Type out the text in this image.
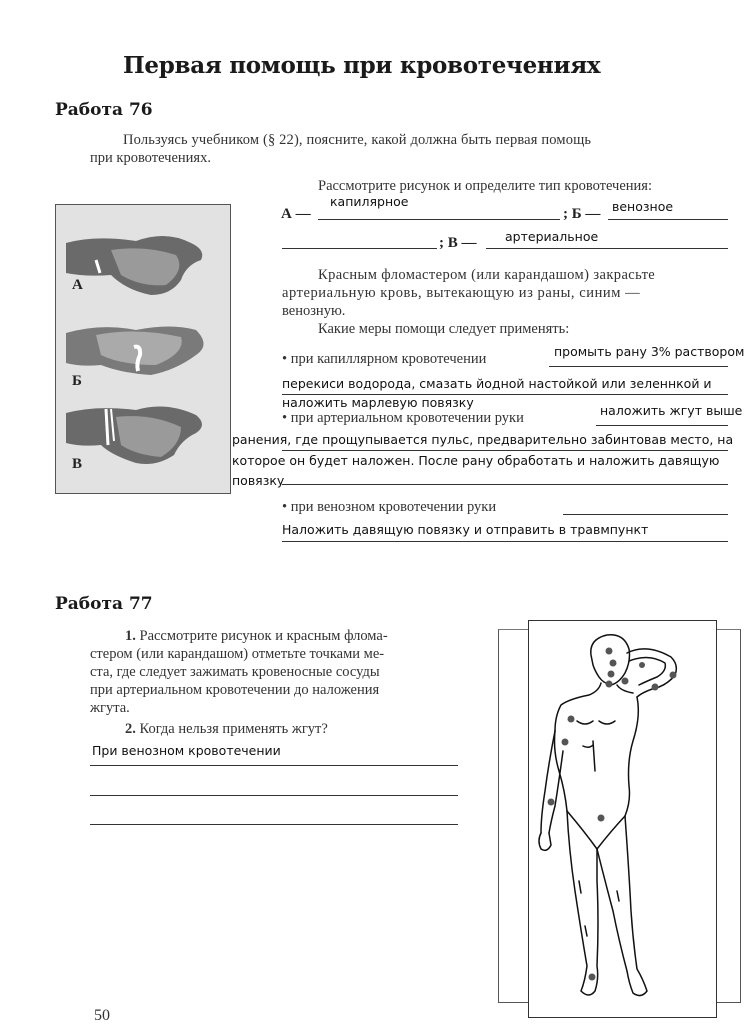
Первая помощь при кровотечениях
Работа 76
Пользуясь учебником (§ 22), поясните, какой должна быть первая помощь
при кровотечениях.
А
Б
В
Рассмотрите рисунок и определите тип кровотечения:
А —
капилярное
; Б — венозное
; В — артериальное
Красным фломастером (или карандашом) закрасьте
артериальную кровь, вытекающую из раны, синим —
венозную.
Какие меры помощи следует применять:
• при капиллярном кровотечении	промыть рану 3% раствором
перекиси водорода, смазать йодной настойкой или зеленнкой и
наложить марлевую повязку
• при артериальном кровотечении руки	наложить жгут выше
ранения, где прощупывается пульс, предварительно забинтовав место, на
которое он будет наложен. После рану обработать и наложить давящую
повязку
• при венозном кровотечении руки
Наложить давящую повязку и отправить в травмпункт
Работа 77
1. Рассмотрите рисунок и красным флома-
стером (или карандашом) отметьте точками ме-
ста, где следует зажимать кровеносные сосуды
при артериальном кровотечении до наложения
жгута.
2. Когда нельзя применять жгут?
При венозном кровотечении
50
